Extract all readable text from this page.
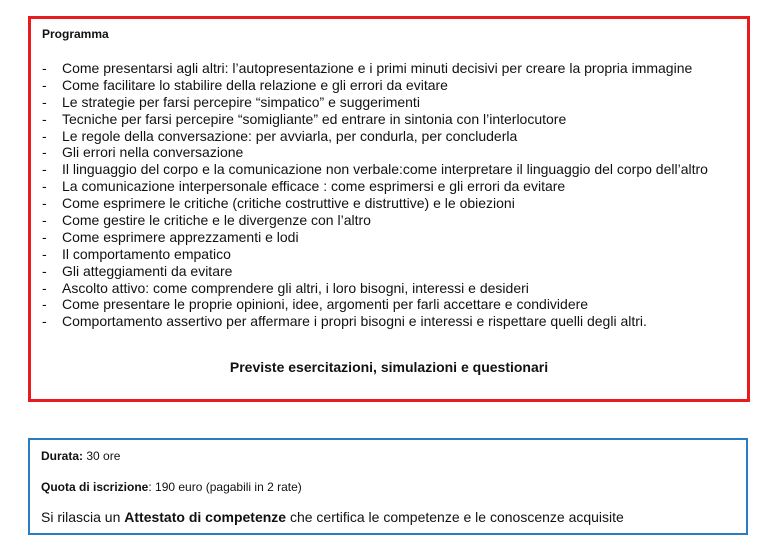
Programma

-	Come presentarsi agli altri: l’autopresentazione e i primi minuti decisivi per creare la propria immagine
-	Come facilitare lo stabilire della relazione e gli errori da evitare
-	Le strategie per farsi percepire “simpatico” e suggerimenti
-	Tecniche per farsi percepire “somigliante” ed entrare in sintonia con l’interlocutore
-	Le regole della conversazione: per avviarla, per condurla, per concluderla
-	Gli errori nella conversazione
-	Il linguaggio del corpo e la comunicazione non verbale:come interpretare il linguaggio del corpo dell’altro
-	La comunicazione interpersonale efficace : come esprimersi e gli errori da evitare
-	Come esprimere le critiche (critiche costruttive e distruttive) e le obiezioni
-	Come gestire le critiche e le divergenze con l’altro
-	Come esprimere apprezzamenti e lodi
-	Il comportamento empatico
-	Gli atteggiamenti da evitare
-	Ascolto attivo: come comprendere gli altri, i loro bisogni, interessi e desideri
-	Come presentare le proprie opinioni, idee, argomenti per farli accettare e condividere
-	Comportamento assertivo per affermare i propri bisogni e interessi e rispettare quelli degli altri.

Previste esercitazioni, simulazioni e questionari

Durata: 30 ore

Quota di iscrizione: 190 euro (pagabili in 2 rate)

Si rilascia un Attestato di competenze che certifica le competenze e le conoscenze acquisite
